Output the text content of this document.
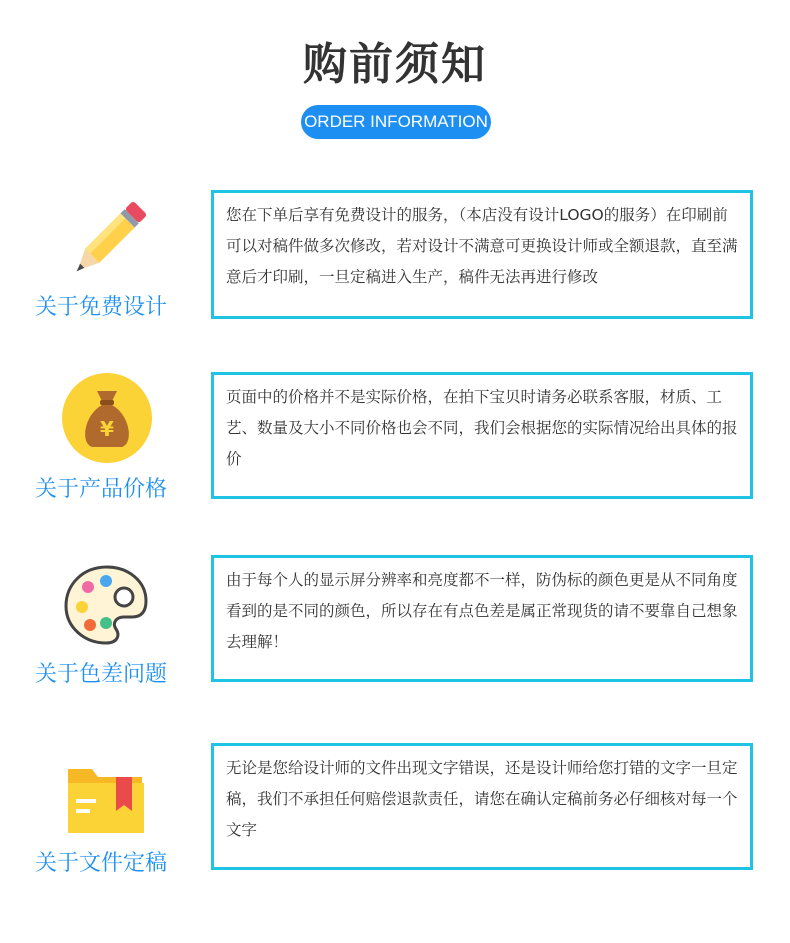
购前须知
ORDER INFORMATION
关于免费设计

您在下单后享有免费设计的服务，（本店没有设计LOGO的服务）在印刷前可以对稿件做多次修改，若对设计不满意可更换设计师或全额退款，直至满意后才印刷，一旦定稿进入生产，稿件无法再进行修改

¥
关于产品价格

页面中的价格并不是实际价格，在拍下宝贝时请务必联系客服，材质、工艺、数量及大小不同价格也会不同，我们会根据您的实际情况给出具体的报价

关于色差问题

由于每个人的显示屏分辨率和亮度都不一样，防伪标的颜色更是从不同角度看到的是不同的颜色，所以存在有点色差是属正常现货的请不要靠自己想象去理解！

关于文件定稿

无论是您给设计师的文件出现文字错误，还是设计师给您打错的文字一旦定稿，我们不承担任何赔偿退款责任，请您在确认定稿前务必仔细核对每一个文字
